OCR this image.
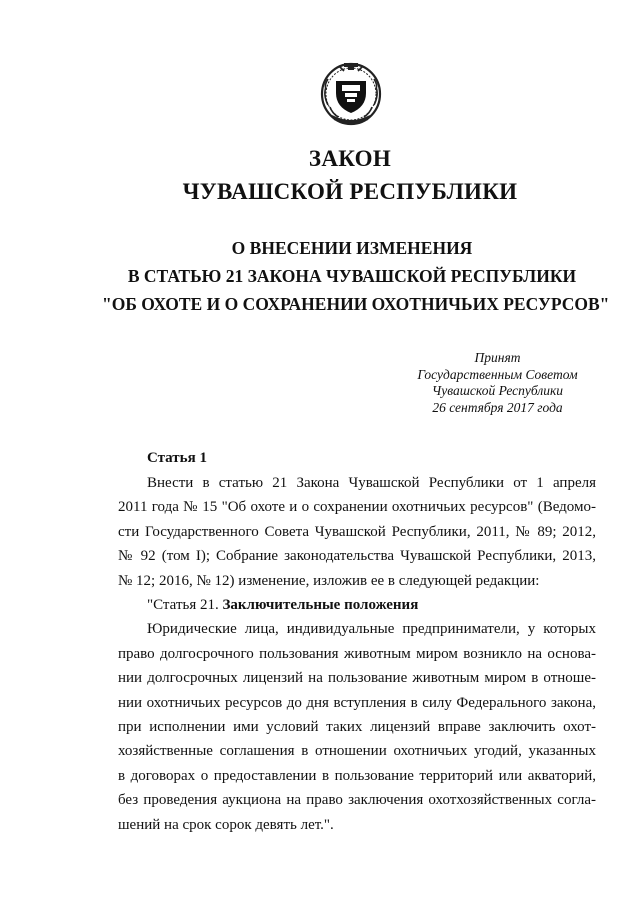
ЗАКОН
ЧУВАШСКОЙ РЕСПУБЛИКИ
О ВНЕСЕНИИ ИЗМЕНЕНИЯ
В СТАТЬЮ 21 ЗАКОНА ЧУВАШСКОЙ РЕСПУБЛИКИ
"ОБ ОХОТЕ И О СОХРАНЕНИИ ОХОТНИЧЬИХ РЕСУРСОВ"
Принят
Государственным Советом
Чувашской Республики
26 сентября 2017 года
Статья 1
Внести в статью 21 Закона Чувашской Республики от 1 апреля
2011 года № 15 "Об охоте и о сохранении охотничьих ресурсов" (Ведомо-
сти Государственного Совета Чувашской Республики, 2011, № 89; 2012,
№ 92 (том I); Собрание законодательства Чувашской Республики, 2013,
№ 12; 2016, № 12) изменение, изложив ее в следующей редакции:
"Статья 21. Заключительные положения
Юридические лица, индивидуальные предприниматели, у которых
право долгосрочного пользования животным миром возникло на основа-
нии долгосрочных лицензий на пользование животным миром в отноше-
нии охотничьих ресурсов до дня вступления в силу Федерального закона,
при исполнении ими условий таких лицензий вправе заключить охот-
хозяйственные соглашения в отношении охотничьих угодий, указанных
в договорах о предоставлении в пользование территорий или акваторий,
без проведения аукциона на право заключения охотхозяйственных согла-
шений на срок сорок девять лет.".
